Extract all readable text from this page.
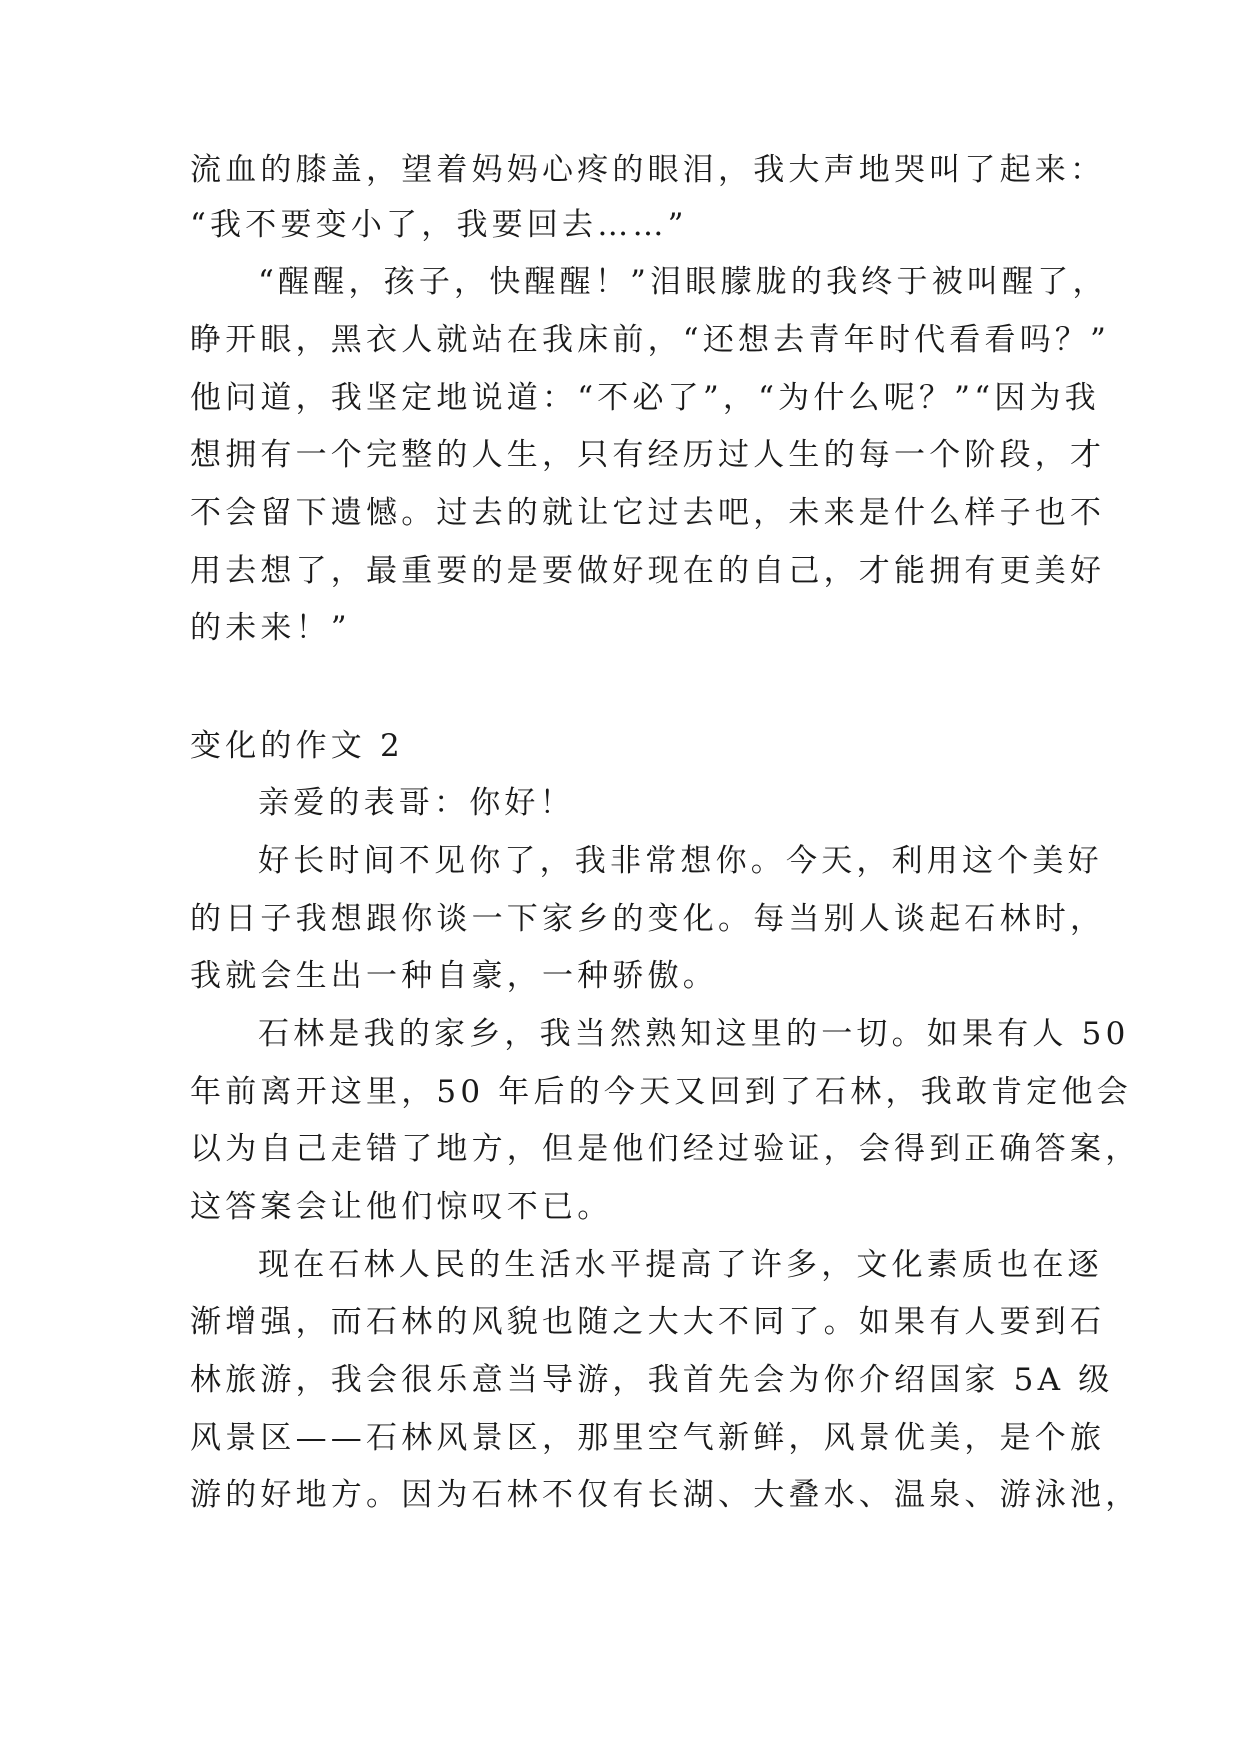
流血的膝盖，望着妈妈心疼的眼泪，我大声地哭叫了起来：
“我不要变小了，我要回去……”
“醒醒，孩子，快醒醒！”泪眼朦胧的我终于被叫醒了，
睁开眼，黑衣人就站在我床前，“还想去青年时代看看吗？”
他问道，我坚定地说道：“不必了”，“为什么呢？”“因为我
想拥有一个完整的人生，只有经历过人生的每一个阶段，才
不会留下遗憾。过去的就让它过去吧，未来是什么样子也不
用去想了，最重要的是要做好现在的自己，才能拥有更美好
的未来！”
变化的作文 2
亲爱的表哥：你好！
好长时间不见你了，我非常想你。今天，利用这个美好
的日子我想跟你谈一下家乡的变化。每当别人谈起石林时，
我就会生出一种自豪，一种骄傲。
石林是我的家乡，我当然熟知这里的一切。如果有人 50
年前离开这里，50 年后的今天又回到了石林，我敢肯定他会
以为自己走错了地方，但是他们经过验证，会得到正确答案，
这答案会让他们惊叹不已。
现在石林人民的生活水平提高了许多，文化素质也在逐
渐增强，而石林的风貌也随之大大不同了。如果有人要到石
林旅游，我会很乐意当导游，我首先会为你介绍国家 5A 级
风景区——石林风景区，那里空气新鲜，风景优美，是个旅
游的好地方。因为石林不仅有长湖、大叠水、温泉、游泳池，
